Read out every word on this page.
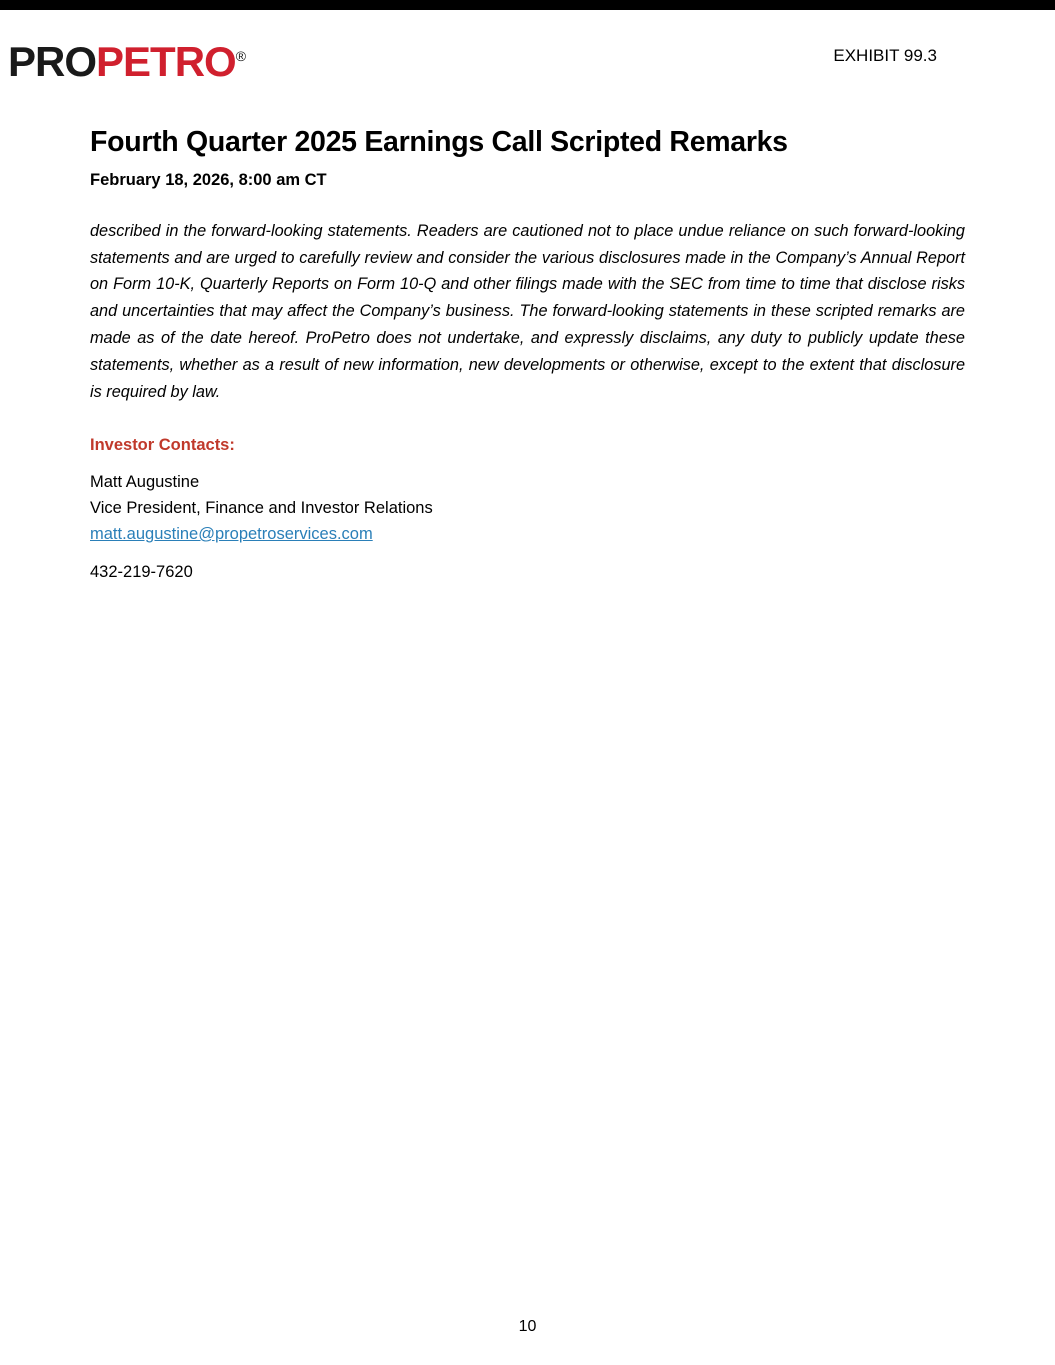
PROPETRO®	EXHIBIT 99.3
Fourth Quarter 2025 Earnings Call Scripted Remarks
February 18, 2026, 8:00 am CT

described in the forward-looking statements. Readers are cautioned not to place undue reliance on such forward-looking statements and are urged to carefully review and consider the various disclosures made in the Company’s Annual Report on Form 10-K, Quarterly Reports on Form 10-Q and other filings made with the SEC from time to time that disclose risks and uncertainties that may affect the Company’s business. The forward-looking statements in these scripted remarks are made as of the date hereof. ProPetro does not undertake, and expressly disclaims, any duty to publicly update these statements, whether as a result of new information, new developments or otherwise, except to the extent that disclosure is required by law.

Investor Contacts:
Matt Augustine
Vice President, Finance and Investor Relations
matt.augustine@propetroservices.com
432-219-7620
10
